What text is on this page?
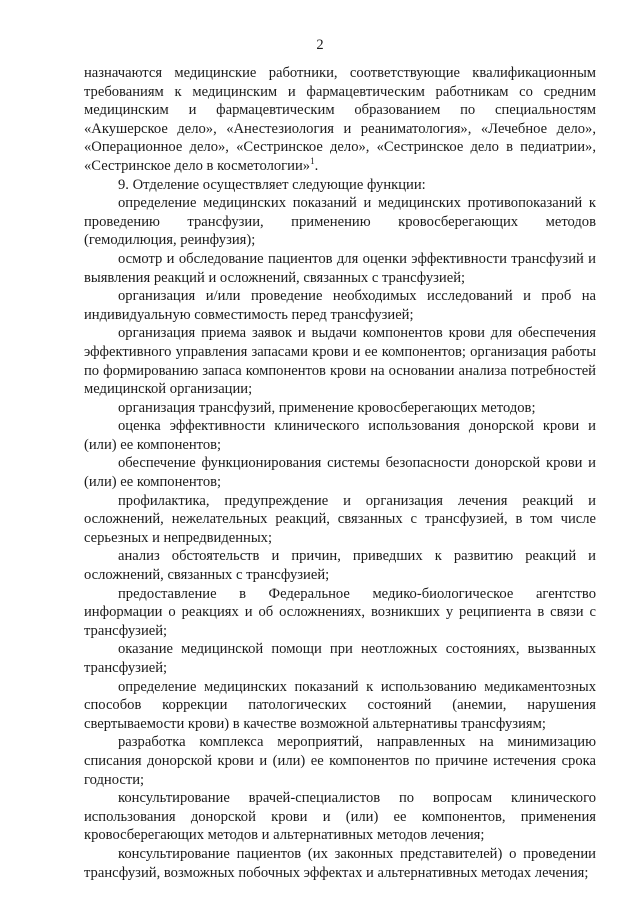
2

назначаются медицинские работники, соответствующие квалификационным требованиям к медицинским и фармацевтическим работникам со средним медицинским и фармацевтическим образованием по специальностям «Акушерское дело», «Анестезиология и реаниматология», «Лечебное дело», «Операционное дело», «Сестринское дело», «Сестринское дело в педиатрии», «Сестринское дело в косметологии»$^1$.

9. Отделение осуществляет следующие функции:

определение медицинских показаний и медицинских противопоказаний к проведению трансфузии, применению кровосберегающих методов (гемодилюция, реинфузия);

осмотр и обследование пациентов для оценки эффективности трансфузий и выявления реакций и осложнений, связанных с трансфузией;

организация и/или проведение необходимых исследований и проб на индивидуальную совместимость перед трансфузией;

организация приема заявок и выдачи компонентов крови для обеспечения эффективного управления запасами крови и ее компонентов; организация работы по формированию запаса компонентов крови на основании анализа потребностей медицинской организации;

организация трансфузий, применение кровосберегающих методов;

оценка эффективности клинического использования донорской крови и (или) ее компонентов;

обеспечение функционирования системы безопасности донорской крови и (или) ее компонентов;

профилактика, предупреждение и организация лечения реакций и осложнений, нежелательных реакций, связанных с трансфузией, в том числе серьезных и непредвиденных;

анализ обстоятельств и причин, приведших к развитию реакций и осложнений, связанных с трансфузией;

предоставление в Федеральное медико-биологическое агентство информации о реакциях и об осложнениях, возникших у реципиента в связи с трансфузией;

оказание медицинской помощи при неотложных состояниях, вызванных трансфузией;

определение медицинских показаний к использованию медикаментозных способов коррекции патологических состояний (анемии, нарушения свертываемости крови) в качестве возможной альтернативы трансфузиям;

разработка комплекса мероприятий, направленных на минимизацию списания донорской крови и (или) ее компонентов по причине истечения срока годности;

консультирование врачей-специалистов по вопросам клинического использования донорской крови и (или) ее компонентов, применения кровосберегающих методов и альтернативных методов лечения;

консультирование пациентов (их законных представителей) о проведении трансфузий, возможных побочных эффектах и альтернативных методах лечения;
